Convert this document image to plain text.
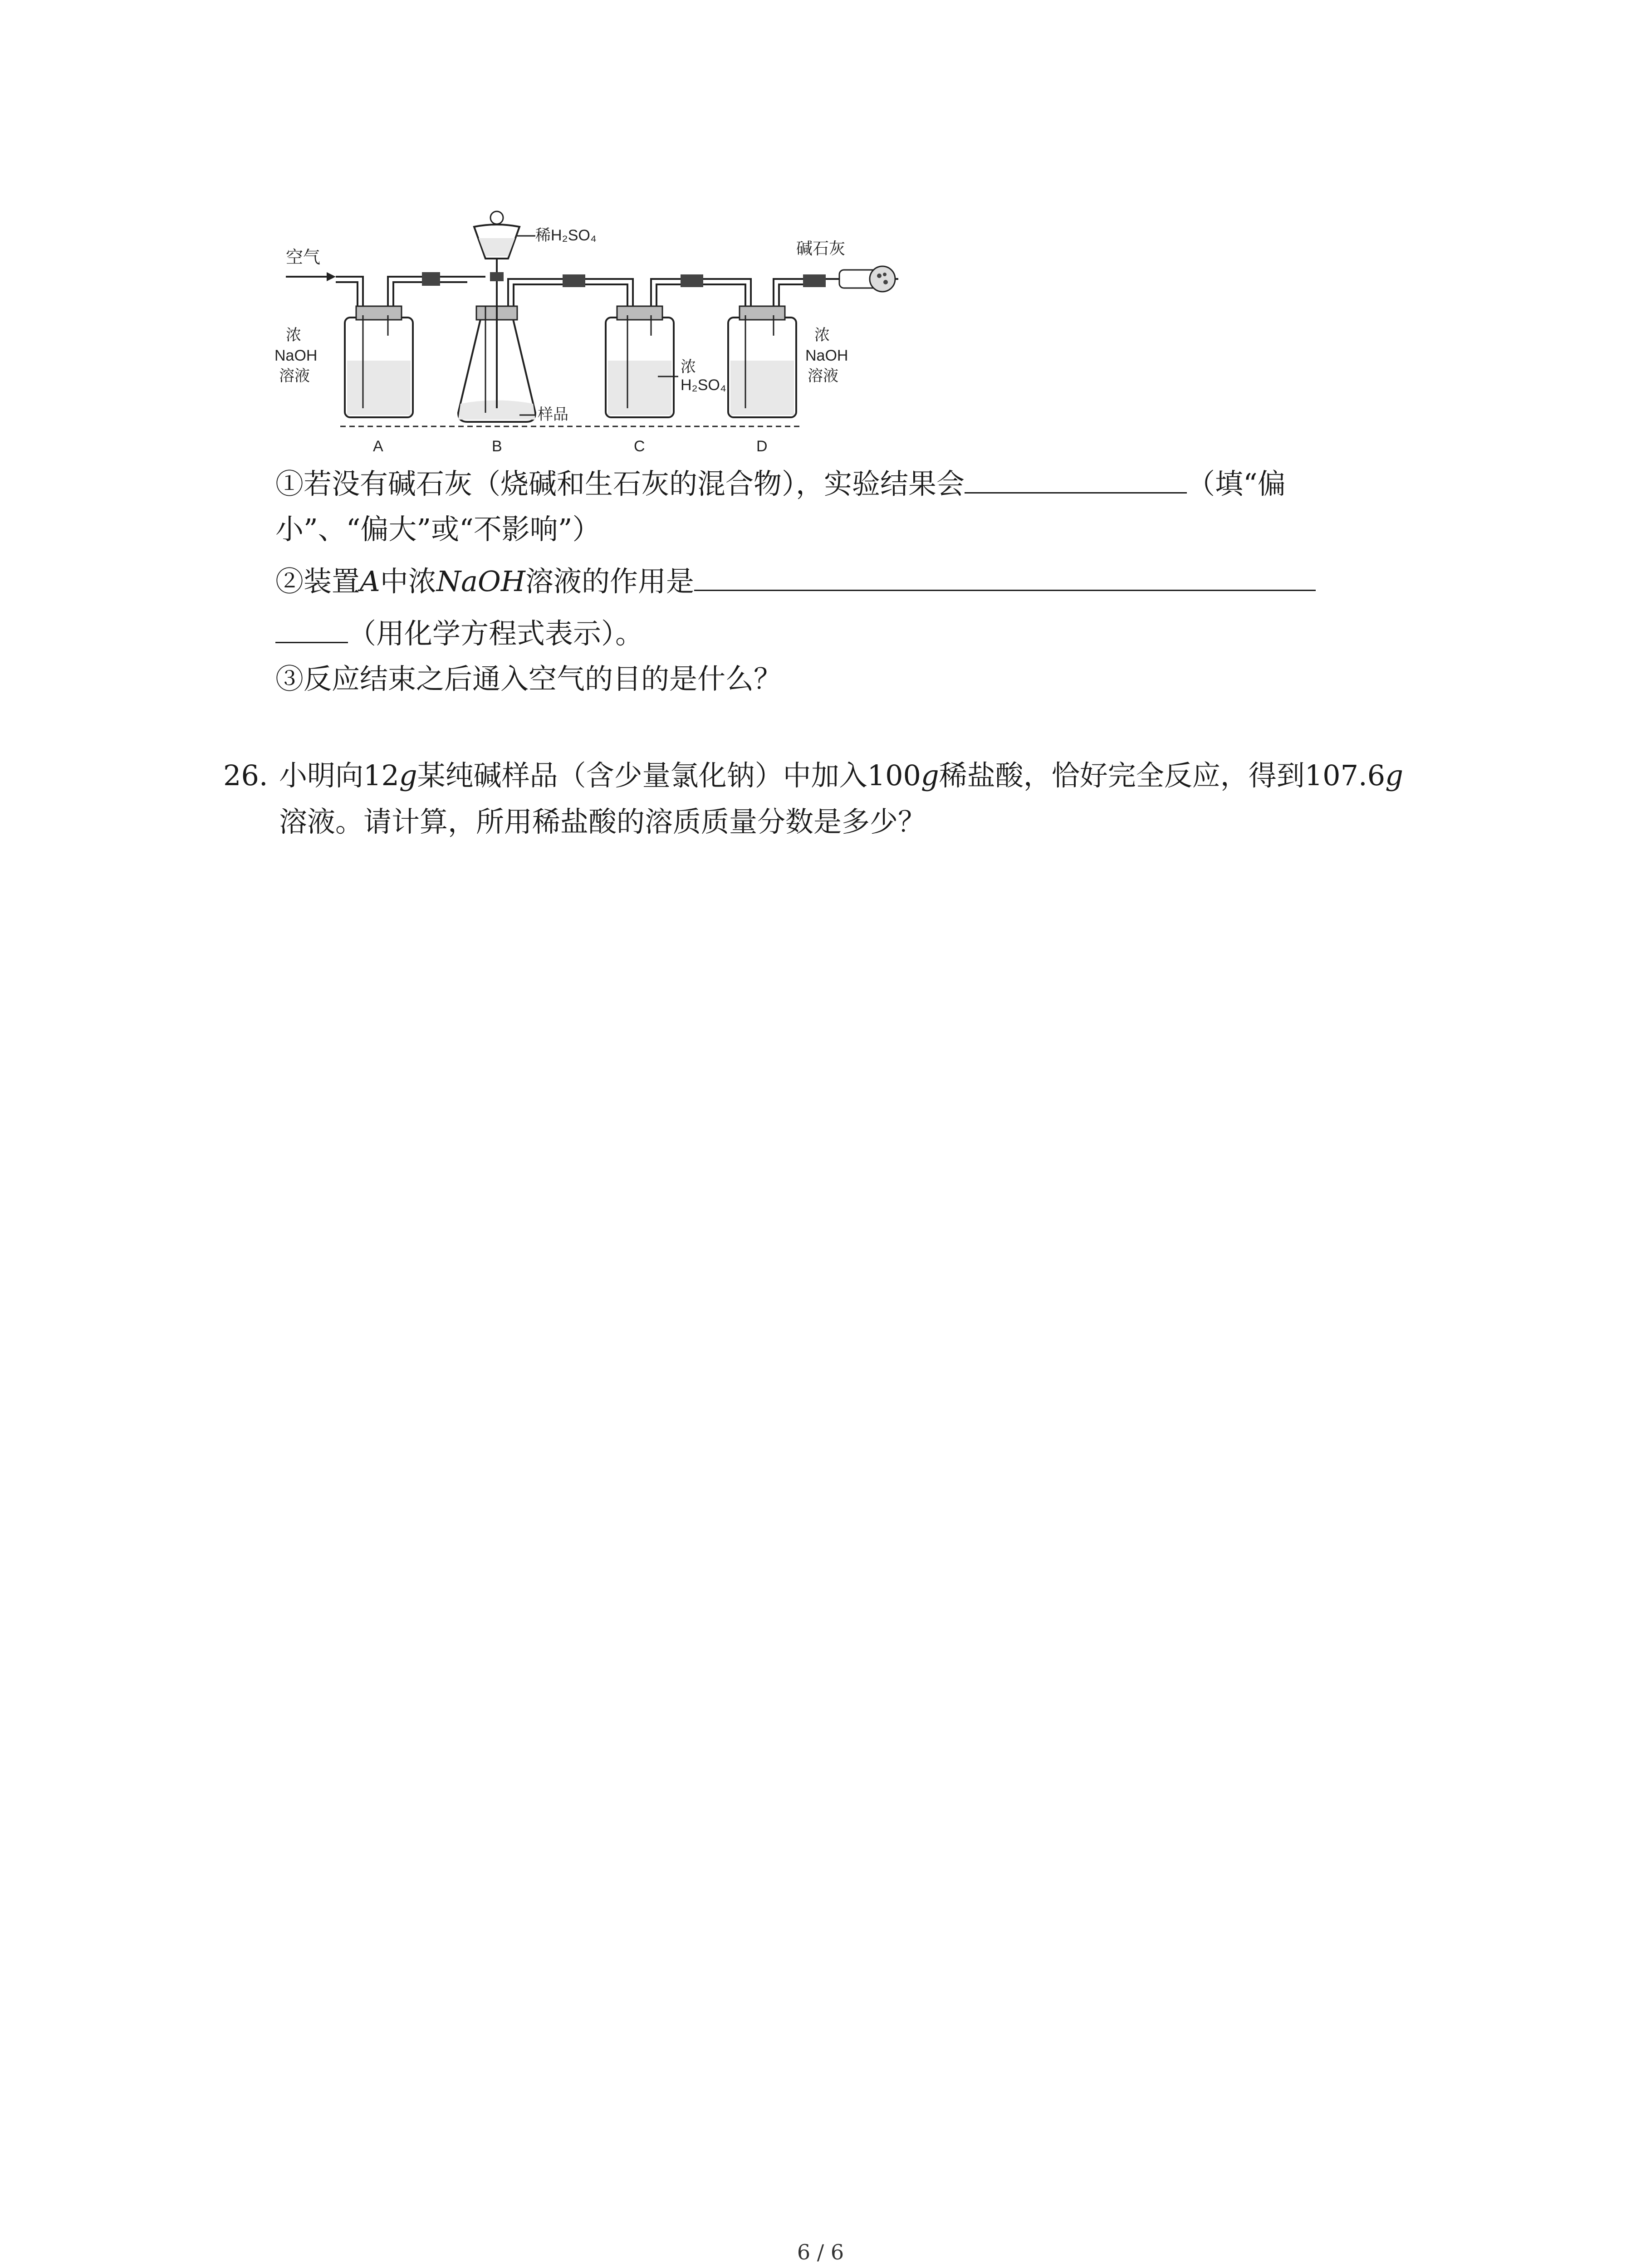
空气
浓
NaOH
溶液
稀H₂SO₄
样品
浓
H₂SO₄
浓
NaOH
溶液
碱石灰
A	B	C	D
①若没有碱石灰（烧碱和生石灰的混合物），实验结果会	（填“偏
小”、“偏大”或“不影响”）
②装置A中浓NaOH溶液的作用是
（用化学方程式表示）。
③反应结束之后通入空气的目的是什么？
26. 小明向12g某纯碱样品（含少量氯化钠）中加入100g稀盐酸，恰好完全反应，得到107.6g
溶液。请计算，所用稀盐酸的溶质质量分数是多少？
6 / 6
